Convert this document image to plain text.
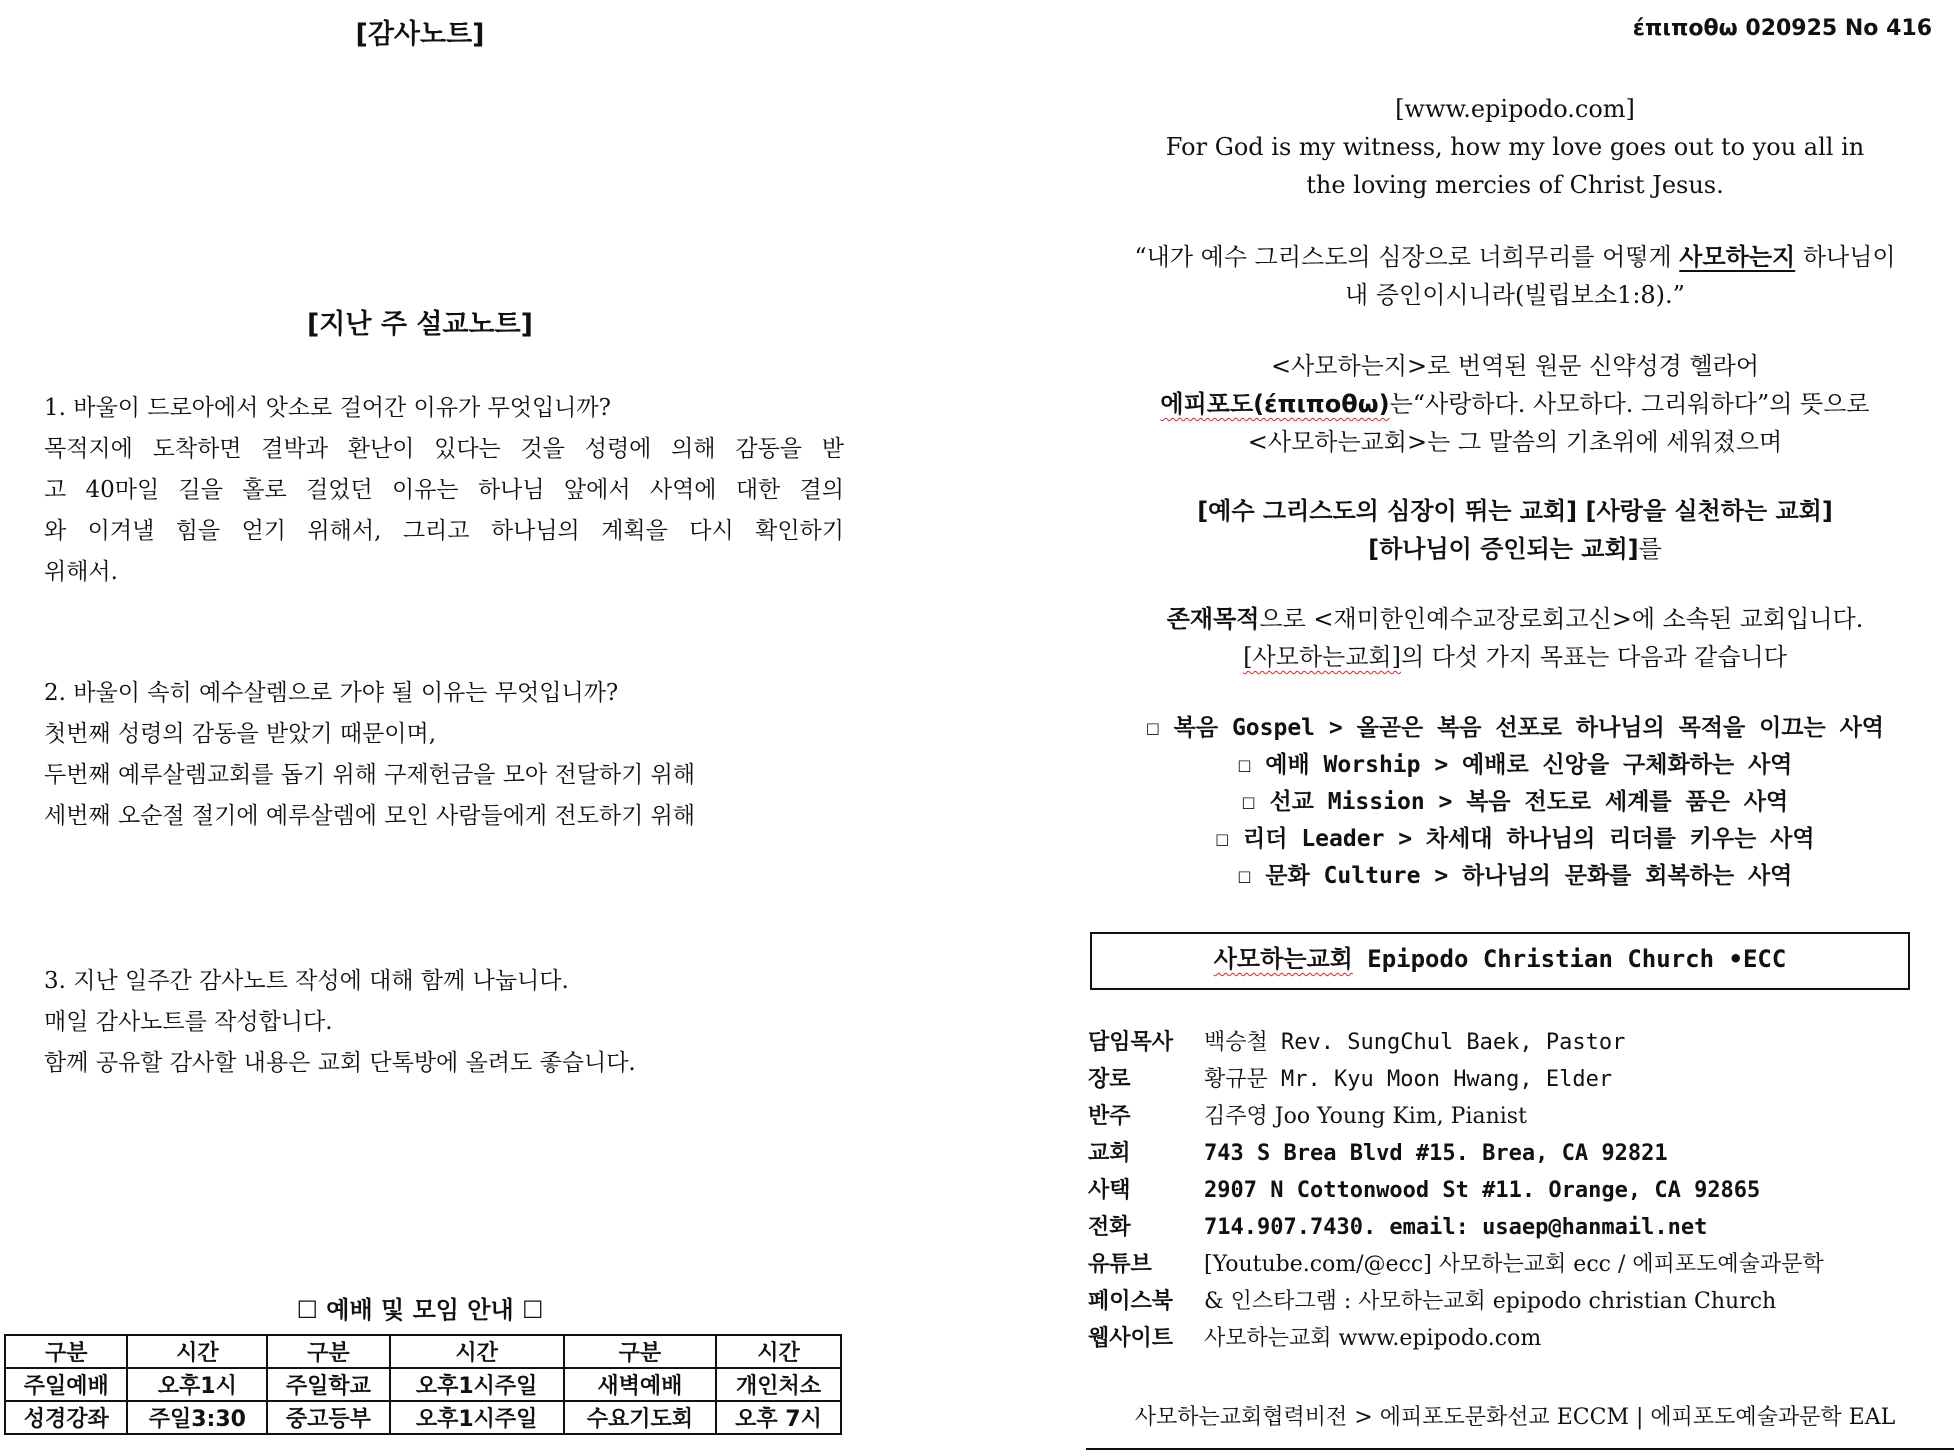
[감사노트]
[지난 주 설교노트]
1. 바울이 드로아에서 앗소로 걸어간 이유가 무엇입니까?
목적지에 도착하면 결박과 환난이 있다는 것을 성령에 의해 감동을 받
고 40마일 길을 홀로 걸었던 이유는 하나님 앞에서 사역에 대한 결의
와 이겨낼 힘을 얻기 위해서, 그리고 하나님의 계획을 다시 확인하기
위해서.
2. 바울이 속히 예수살렘으로 가야 될 이유는 무엇입니까?
첫번째 성령의 감동을 받았기 때문이며,
두번째 예루살렘교회를 돕기 위해 구제헌금을 모아 전달하기 위해
세번째 오순절 절기에 예루살렘에 모인 사람들에게 전도하기 위해
3. 지난 일주간 감사노트 작성에 대해 함께 나눕니다.
매일 감사노트를 작성합니다.
함께 공유할 감사할 내용은 교회 단톡방에 올려도 좋습니다.
☐ 예배 및 모임 안내 ☐
구분	시간	구분	시간	구분	시간
주일예배	오후1시	주일학교	오후1시주일	새벽예배	개인처소
성경강좌	주일3:30	중고등부	오후1시주일	수요기도회	오후 7시
έπιποθω 020925 No 416
[www.epipodo.com]
For God is my witness, how my love goes out to you all in
the loving mercies of Christ Jesus.
“내가 예수 그리스도의 심장으로 너희무리를 어떻게 사모하는지 하나님이
내 증인이시니라(빌립보소1:8).”
<사모하는지>로 번역된 원문 신약성경 헬라어
에피포도(έπιποθω)는“사랑하다. 사모하다. 그리워하다”의 뜻으로
<사모하는교회>는 그 말씀의 기초위에 세워졌으며
[예수 그리스도의 심장이 뛰는 교회] [사랑을 실천하는 교회]
[하나님이 증인되는 교회]를
존재목적으로 <재미한인예수교장로회고신>에 소속된 교회입니다.
[사모하는교회]의 다섯 가지 목표는 다음과 같습니다
☐ 복음 Gospel > 올곧은 복음 선포로 하나님의 목적을 이끄는 사역
☐ 예배 Worship > 예배로 신앙을 구체화하는 사역
☐ 선교 Mission > 복음 전도로 세계를 품은 사역
☐ 리더 Leader > 차세대 하나님의 리더를 키우는 사역
☐ 문화 Culture > 하나님의 문화를 회복하는 사역
사모하는교회 Epipodo Christian Church •ECC
담임목사	백승철 Rev. SungChul Baek, Pastor
장로	황규문 Mr. Kyu Moon Hwang, Elder
반주	김주영 Joo Young Kim, Pianist
교회	743 S Brea Blvd #15. Brea, CA 92821
사택	2907 N Cottonwood St #11. Orange, CA 92865
전화	714.907.7430. email: usaep@hanmail.net
유튜브	[Youtube.com/@ecc] 사모하는교회 ecc / 에피포도예술과문학
페이스북	& 인스타그램 : 사모하는교회 epipodo christian Church
웹사이트	사모하는교회 www.epipodo.com
사모하는교회협력비전 > 에피포도문화선교 ECCM | 에피포도예술과문학 EAL
